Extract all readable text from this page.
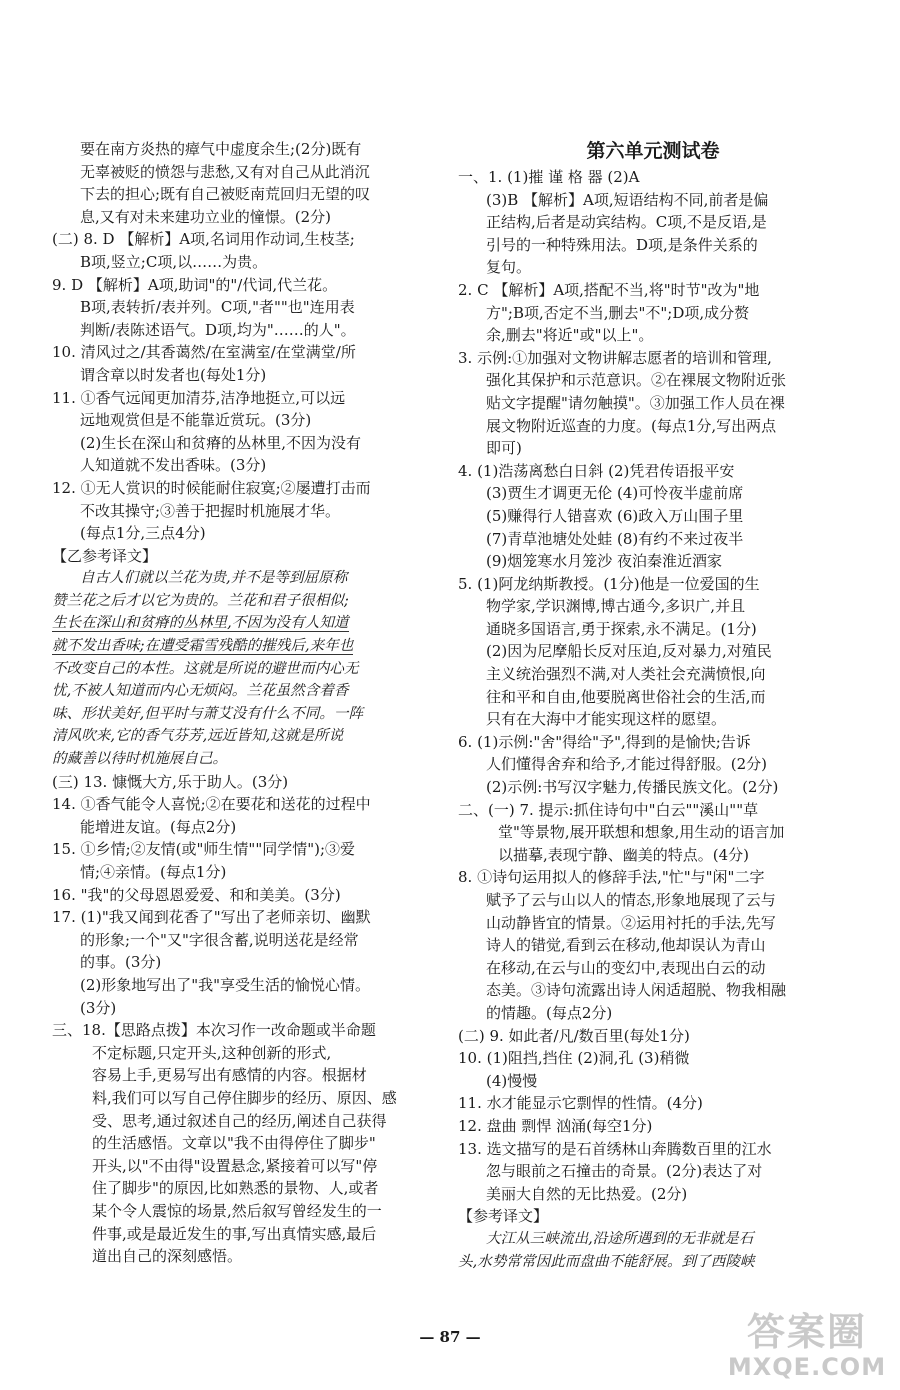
要在南方炎热的瘴气中虚度余生;(2分)既有
无辜被贬的愤怨与悲愁,又有对自己从此消沉
下去的担心;既有自己被贬南荒回归无望的叹
息,又有对未来建功立业的憧憬。(2分)
(二) 8. D 【解析】A项,名词用作动词,生枝茎;
B项,竖立;C项,以……为贵。
9. D 【解析】A项,助词"的"/代词,代兰花。
B项,表转折/表并列。C项,"者""也"连用表
判断/表陈述语气。D项,均为"……的人"。
10. 清风过之/其香蔼然/在室满室/在堂满堂/所
谓含章以时发者也(每处1分)
11. ①香气远闻更加清芬,洁净地挺立,可以远
远地观赏但是不能靠近赏玩。(3分)
(2)生长在深山和贫瘠的丛林里,不因为没有
人知道就不发出香味。(3分)
12. ①无人赏识的时候能耐住寂寞;②屡遭打击而
不改其操守;③善于把握时机施展才华。
(每点1分,三点4分)
【乙参考译文】
自古人们就以兰花为贵,并不是等到屈原称
赞兰花之后才以它为贵的。兰花和君子很相似;
生长在深山和贫瘠的丛林里,不因为没有人知道
就不发出香味;在遭受霜雪残酷的摧残后,来年也
不改变自己的本性。这就是所说的避世而内心无
忧,不被人知道而内心无烦闷。兰花虽然含着香
味、形状美好,但平时与萧艾没有什么不同。一阵
清风吹来,它的香气芬芳,远近皆知,这就是所说
的藏善以待时机施展自己。
(三) 13. 慷慨大方,乐于助人。(3分)
14. ①香气能令人喜悦;②在要花和送花的过程中
能增进友谊。(每点2分)
15. ①乡情;②友情(或"师生情""同学情");③爱
情;④亲情。(每点1分)
16. "我"的父母恩恩爱爱、和和美美。(3分)
17. (1)"我又闻到花香了"写出了老师亲切、幽默
的形象;一个"又"字很含蓄,说明送花是经常
的事。(3分)
(2)形象地写出了"我"享受生活的愉悦心情。
(3分)
三、18.【思路点拨】本次习作一改命题或半命题
不定标题,只定开头,这种创新的形式,
容易上手,更易写出有感情的内容。根据材
料,我们可以写自己停住脚步的经历、原因、感
受、思考,通过叙述自己的经历,阐述自己获得
的生活感悟。文章以"我不由得停住了脚步"
开头,以"不由得"设置悬念,紧接着可以写"停
住了脚步"的原因,比如熟悉的景物、人,或者
某个令人震惊的场景,然后叙写曾经发生的一
件事,或是最近发生的事,写出真情实感,最后
道出自己的深刻感悟。
第六单元测试卷
一、1. (1)摧 谨 格 器 (2)A
(3)B 【解析】A项,短语结构不同,前者是偏
正结构,后者是动宾结构。C项,不是反语,是
引号的一种特殊用法。D项,是条件关系的
复句。
2. C 【解析】A项,搭配不当,将"时节"改为"地
方";B项,否定不当,删去"不";D项,成分赘
余,删去"将近"或"以上"。
3. 示例:①加强对文物讲解志愿者的培训和管理,
强化其保护和示范意识。②在裸展文物附近张
贴文字提醒"请勿触摸"。③加强工作人员在裸
展文物附近巡查的力度。(每点1分,写出两点
即可)
4. (1)浩荡离愁白日斜 (2)凭君传语报平安
(3)贾生才调更无伦 (4)可怜夜半虚前席
(5)赚得行人错喜欢 (6)政入万山围子里
(7)青草池塘处处蛙 (8)有约不来过夜半
(9)烟笼寒水月笼沙 夜泊秦淮近酒家
5. (1)阿龙纳斯教授。(1分)他是一位爱国的生
物学家,学识渊博,博古通今,多识广,并且
通晓多国语言,勇于探索,永不满足。(1分)
(2)因为尼摩船长反对压迫,反对暴力,对殖民
主义统治强烈不满,对人类社会充满愤恨,向
往和平和自由,他要脱离世俗社会的生活,而
只有在大海中才能实现这样的愿望。
6. (1)示例:"舍"得给"予",得到的是愉快;告诉
人们懂得舍弃和给予,才能过得舒服。(2分)
(2)示例:书写汉字魅力,传播民族文化。(2分)
二、(一) 7. 提示:抓住诗句中"白云""溪山""草
堂"等景物,展开联想和想象,用生动的语言加
以描摹,表现宁静、幽美的特点。(4分)
8. ①诗句运用拟人的修辞手法,"忙"与"闲"二字
赋予了云与山以人的情态,形象地展现了云与
山动静皆宜的情景。②运用衬托的手法,先写
诗人的错觉,看到云在移动,他却误认为青山
在移动,在云与山的变幻中,表现出白云的动
态美。③诗句流露出诗人闲适超脱、物我相融
的情趣。(每点2分)
(二) 9. 如此者/凡/数百里(每处1分)
10. (1)阻挡,挡住 (2)洞,孔 (3)稍微
(4)慢慢
11. 水才能显示它剽悍的性情。(4分)
12. 盘曲 剽悍 汹涌(每空1分)
13. 选文描写的是石首绣林山奔腾数百里的江水
忽与眼前之石撞击的奇景。(2分)表达了对
美丽大自然的无比热爱。(2分)
【参考译文】
大江从三峡流出,沿途所遇到的无非就是石
头,水势常常因此而盘曲不能舒展。到了西陵峡
— 87 —	答案圈
MXQE.COM
